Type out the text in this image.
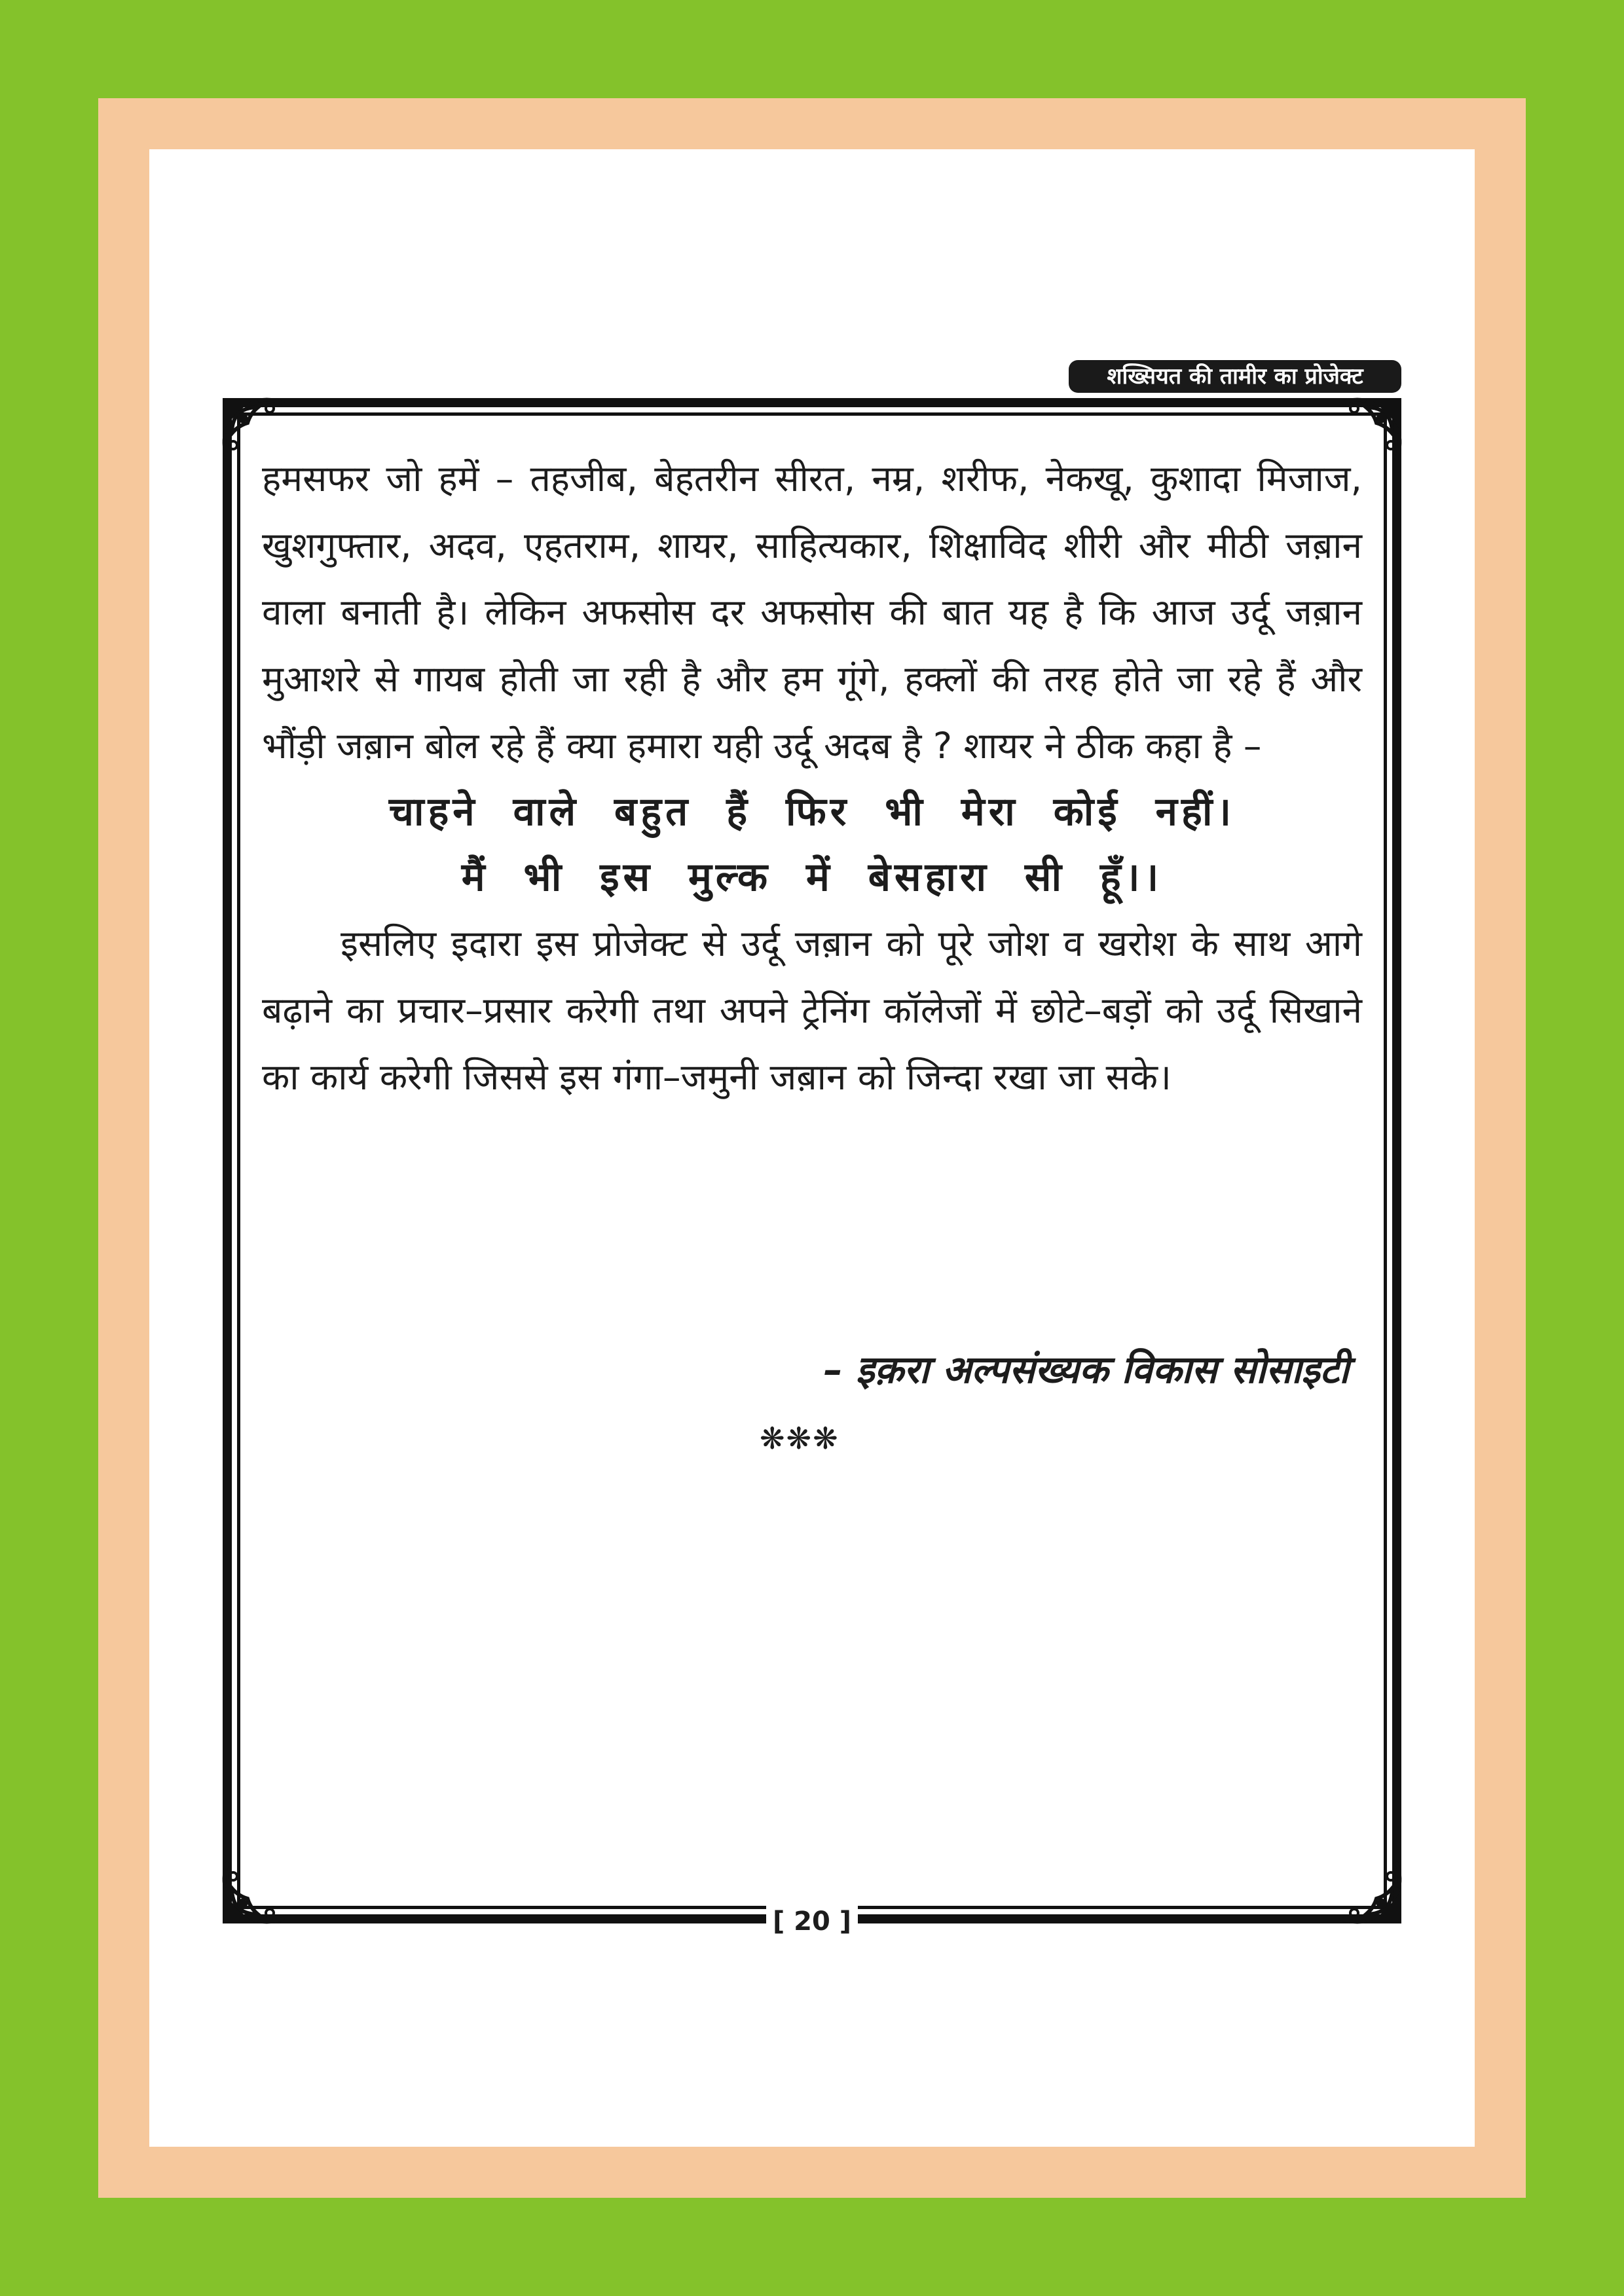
शख्सियत की तामीर का प्रोजेक्ट

हमसफर जो हमें – तहजीब, बेहतरीन सीरत, नम्र, शरीफ, नेकखू, कुशादा मिजाज, खुशगुफ्तार, अदव, एहतराम, शायर, साहित्यकार, शिक्षाविद शीरी और मीठी जब़ान वाला बनाती है। लेकिन अफसोस दर अफसोस की बात यह है कि आज उर्दू जब़ान मुआशरे से गायब होती जा रही है और हम गूंगे, हक्लों की तरह होते जा रहे हैं और भौंड़ी जब़ान बोल रहे हैं क्या हमारा यही उर्दू अदब है ? शायर ने ठीक कहा है –

चाहने वाले बहुत हैं फिर भी मेरा कोई नहीं।
मैं भी इस मुल्क में बेसहारा सी हूँ।।

इसलिए इदारा इस प्रोजेक्ट से उर्दू जब़ान को पूरे जोश व खरोश के साथ आगे बढ़ाने का प्रचार–प्रसार करेगी तथा अपने ट्रेनिंग कॉलेजों में छोटे–बड़ों को उर्दू सिखाने का कार्य करेगी जिससे इस गंगा–जमुनी जब़ान को जिन्दा रखा जा सके।

– इक़रा अल्पसंख्यक विकास सोसाइटी
❋❋❋
[ 20 ]
